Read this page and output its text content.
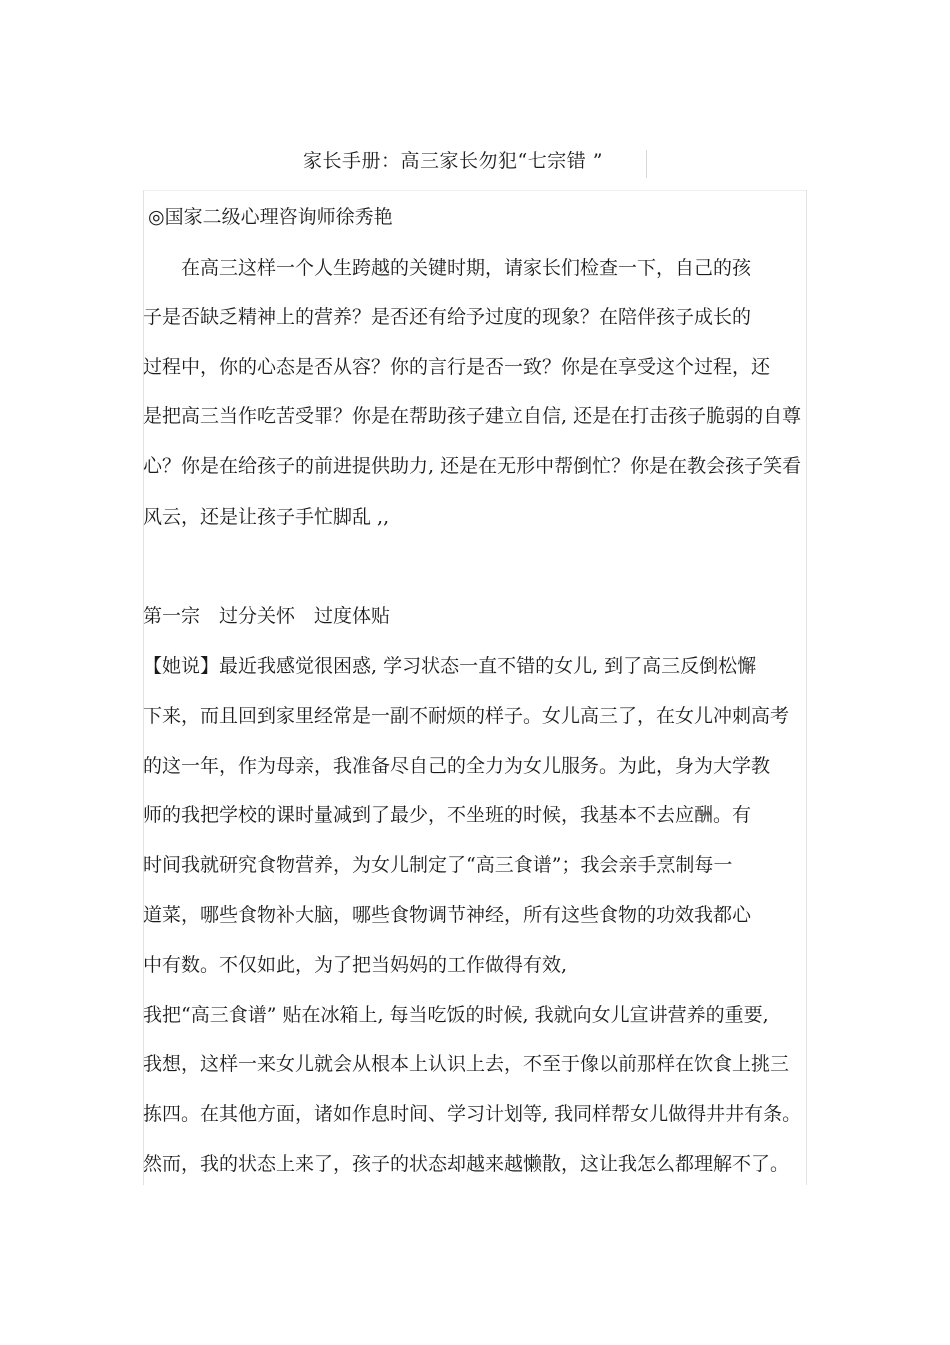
家长手册：高三家长勿犯“七宗错 ”
◎国家二级心理咨询师徐秀艳
　　在高三这样一个人生跨越的关键时期，请家长们检查一下，自己的孩
子是否缺乏精神上的营养？是否还有给予过度的现象？在陪伴孩子成长的
过程中，你的心态是否从容？你的言行是否一致？你是在享受这个过程，还
是把高三当作吃苦受罪？你是在帮助孩子建立自信, 还是在打击孩子脆弱的自尊
心？你是在给孩子的前进提供助力, 还是在无形中帮倒忙？你是在教会孩子笑看
风云，还是让孩子手忙脚乱 ,,
第一宗　过分关怀　过度体贴
【她说】最近我感觉很困惑, 学习状态一直不错的女儿, 到了高三反倒松懈
下来，而且回到家里经常是一副不耐烦的样子。女儿高三了，在女儿冲刺高考
的这一年，作为母亲，我准备尽自己的全力为女儿服务。为此，身为大学教
师的我把学校的课时量减到了最少，不坐班的时候，我基本不去应酬。有
时间我就研究食物营养，为女儿制定了“高三食谱”；我会亲手烹制每一
道菜，哪些食物补大脑，哪些食物调节神经，所有这些食物的功效我都心
中有数。不仅如此，为了把当妈妈的工作做得有效,
我把“高三食谱” 贴在冰箱上, 每当吃饭的时候, 我就向女儿宣讲营养的重要,
我想，这样一来女儿就会从根本上认识上去，不至于像以前那样在饮食上挑三
拣四。在其他方面，诸如作息时间、学习计划等, 我同样帮女儿做得井井有条。
然而，我的状态上来了，孩子的状态却越来越懒散，这让我怎么都理解不了。
